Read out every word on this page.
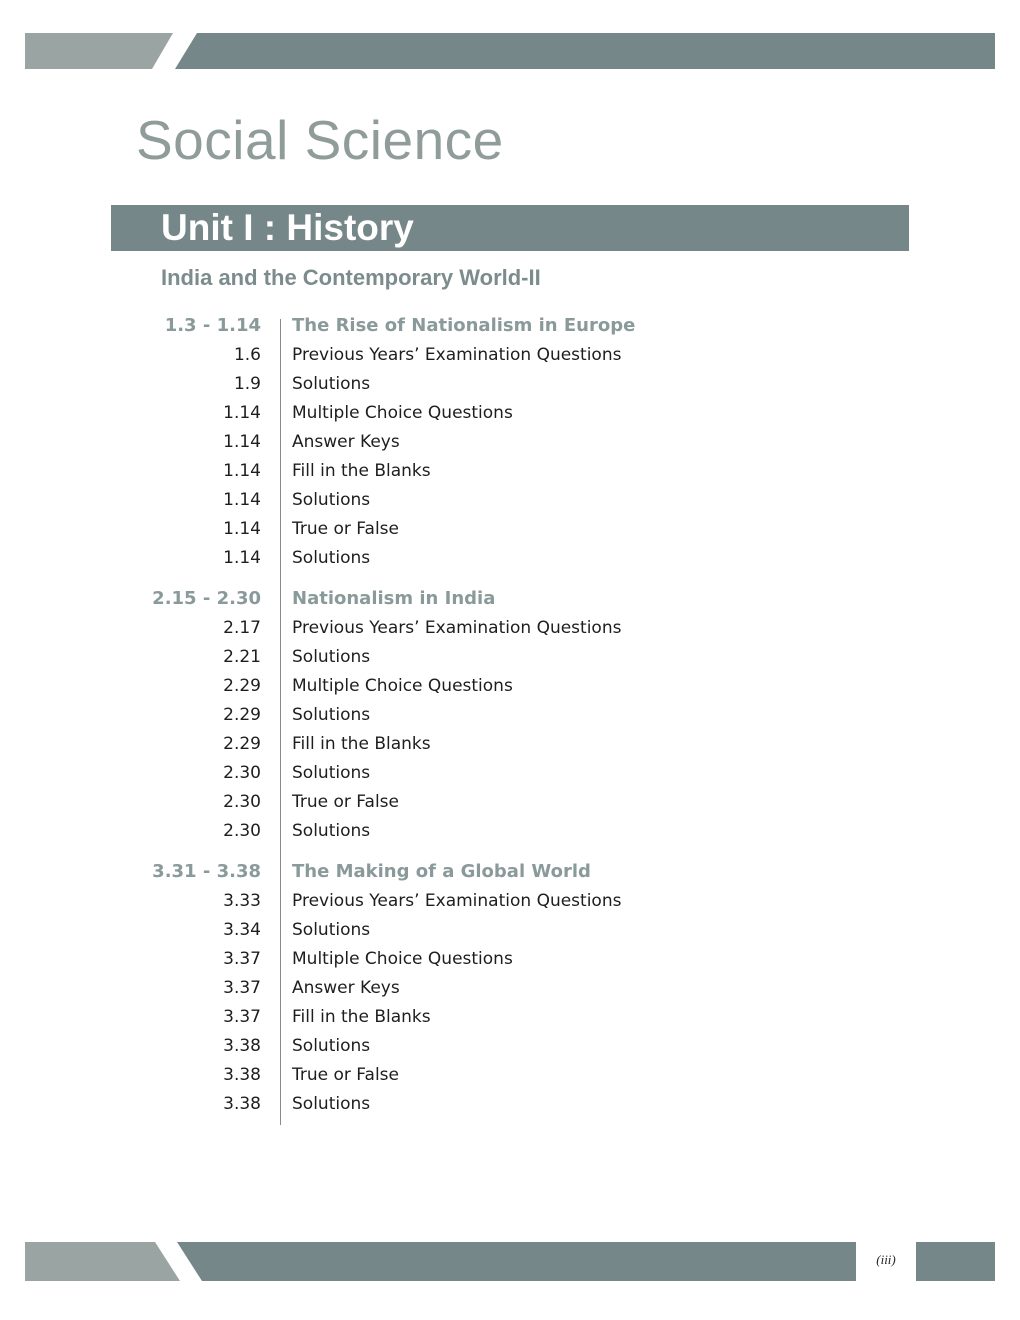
Social Science
Unit I : History
India and the Contemporary World-II
1.3 - 1.14 The Rise of Nationalism in Europe
1.6 Previous Years’ Examination Questions
1.9 Solutions
1.14 Multiple Choice Questions
1.14 Answer Keys
1.14 Fill in the Blanks
1.14 Solutions
1.14 True or False
1.14 Solutions
2.15 - 2.30 Nationalism in India
2.17 Previous Years’ Examination Questions
2.21 Solutions
2.29 Multiple Choice Questions
2.29 Solutions
2.29 Fill in the Blanks
2.30 Solutions
2.30 True or False
2.30 Solutions
3.31 - 3.38 The Making of a Global World
3.33 Previous Years’ Examination Questions
3.34 Solutions
3.37 Multiple Choice Questions
3.37 Answer Keys
3.37 Fill in the Blanks
3.38 Solutions
3.38 True or False
3.38 Solutions
(iii)
